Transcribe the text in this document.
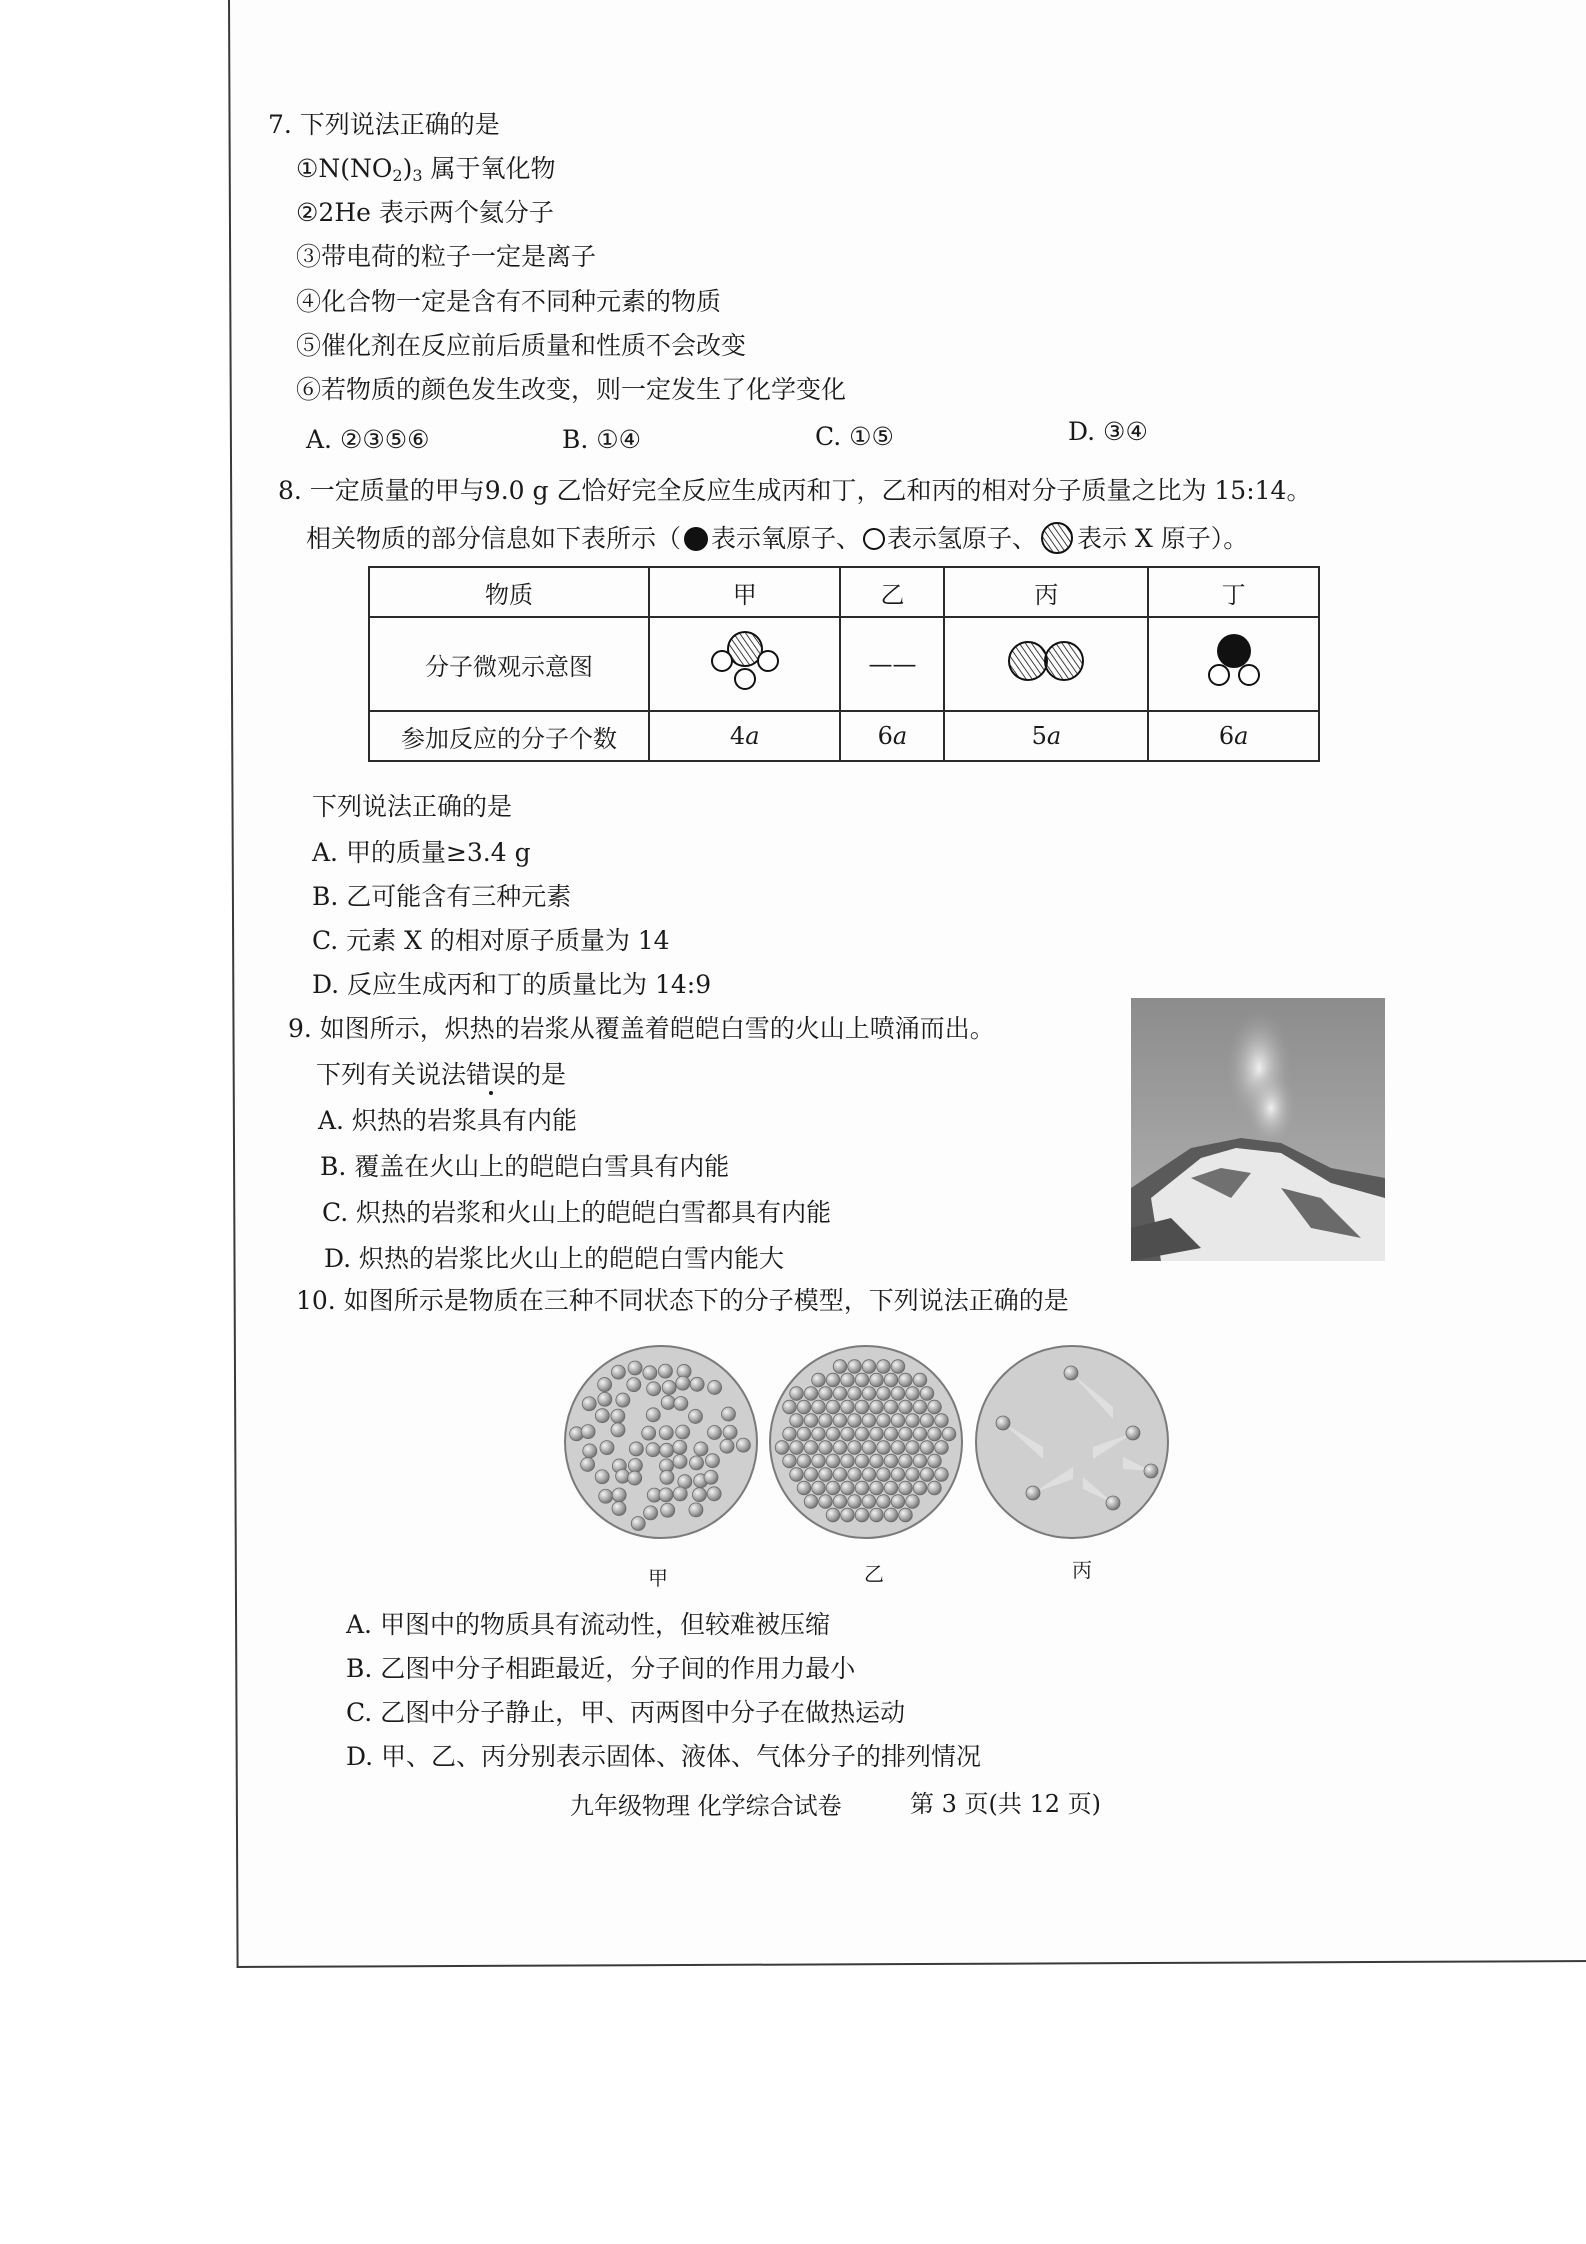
7. 下列说法正确的是
$①N(NO_2)_3$ 属于氧化物
②2He 表示两个氦分子
③带电荷的粒子一定是离子
④化合物一定是含有不同种元素的物质
⑤催化剂在反应前后质量和性质不会改变
⑥若物质的颜色发生改变，则一定发生了化学变化
A. ②③⑤⑥	B. ①④	C. ①⑤	D. ③④
8. 一定质量的甲与9.0 g 乙恰好完全反应生成丙和丁，乙和丙的相对分子质量之比为 15:14。
相关物质的部分信息如下表所示（ 表示氧原子、 表示氢原子、 表示 X 原子）。
物质	甲	乙	丙	丁
分子微观示意图		——		
参加反应的分子个数	4a	6a	5a	6a
下列说法正确的是
A. 甲的质量≥3.4 g
B. 乙可能含有三种元素
C. 元素 X 的相对原子质量为 14
D. 反应生成丙和丁的质量比为 14:9
9. 如图所示，炽热的岩浆从覆盖着皑皑白雪的火山上喷涌而出。
下列有关说法错误的是
A. 炽热的岩浆具有内能
B. 覆盖在火山上的皑皑白雪具有内能
C. 炽热的岩浆和火山上的皑皑白雪都具有内能
D. 炽热的岩浆比火山上的皑皑白雪内能大
10. 如图所示是物质在三种不同状态下的分子模型，下列说法正确的是
甲	乙	丙
A. 甲图中的物质具有流动性，但较难被压缩
B. 乙图中分子相距最近，分子间的作用力最小
C. 乙图中分子静止，甲、丙两图中分子在做热运动
D. 甲、乙、丙分别表示固体、液体、气体分子的排列情况
九年级物理 化学综合试卷	第 3 页(共 12 页)
